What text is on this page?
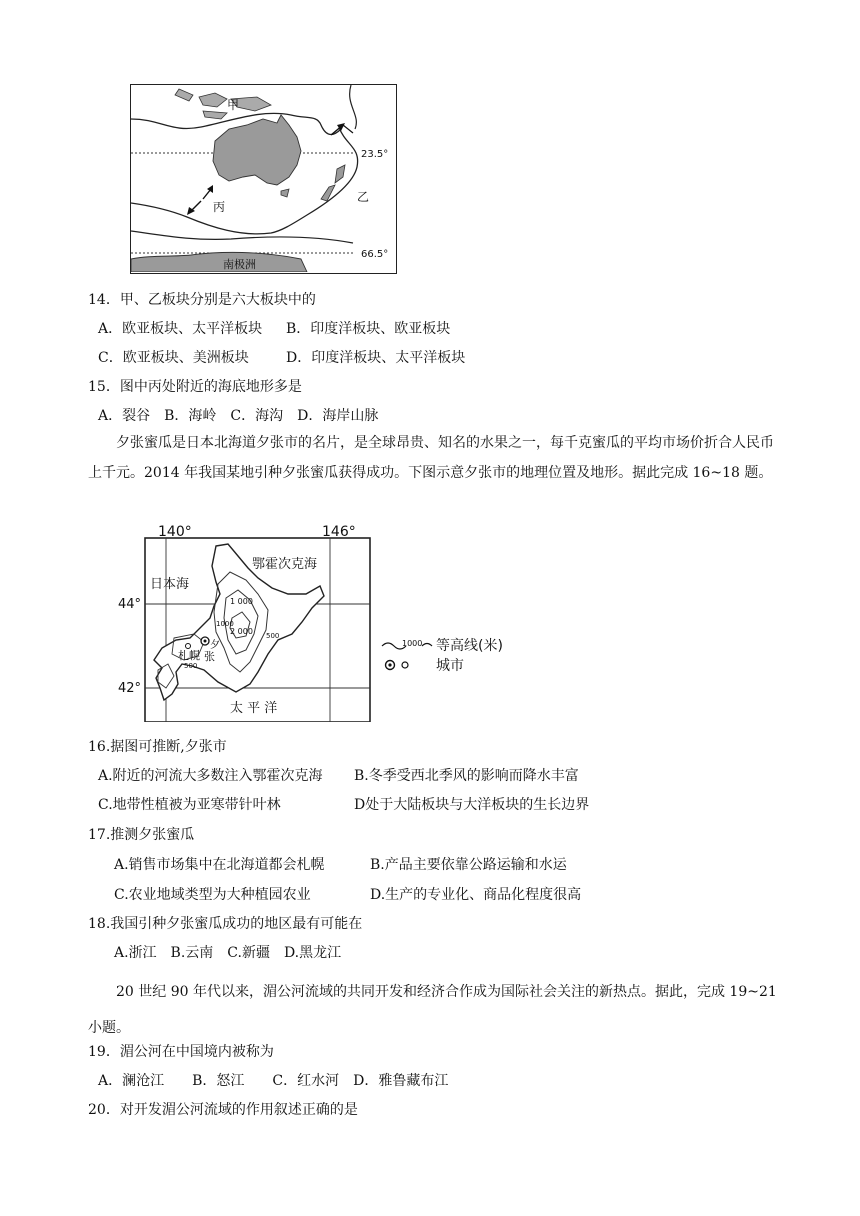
甲
乙
丙
23.5°
66.5°
南极洲
14．甲、乙板块分别是六大板块中的
A．欧亚板块、太平洋板块 B．印度洋板块、欧亚板块
C．欧亚板块、美洲板块	D．印度洋板块、太平洋板块
15．图中丙处附近的海底地形多是
A．裂谷　B．海岭　C．海沟　D．海岸山脉
夕张蜜瓜是日本北海道夕张市的名片，是全球昂贵、知名的水果之一，每千克蜜瓜的平均市场价折合人民币上千元。2014 年我国某地引种夕张蜜瓜获得成功。下图示意夕张市的地理位置及地形。据此完成 16~18 题。
140°	146°
44°
42°
鄂霍次克海
日本海
太 平 洋
1 000
2 000 500
500
1000
札幌
夕
张
1000 等高线(米)
城市
16.据图可推断,夕张市
A.附近的河流大多数注入鄂霍次克海 B.冬季受西北季风的影响而降水丰富
C.地带性植被为亚寒带针叶林	D处于大陆板块与大洋板块的生长边界
17.推测夕张蜜瓜
A.销售市场集中在北海道都会札幌	B.产品主要依靠公路运输和水运
C.农业地域类型为大种植园农业	D.生产的专业化、商品化程度很高
18.我国引种夕张蜜瓜成功的地区最有可能在
A.浙江　B.云南　C.新疆　D.黑龙江
20 世纪 90 年代以来，湄公河流域的共同开发和经济合作成为国际社会关注的新热点。据此，完成 19~21 小题。
19．湄公河在中国境内被称为
A．澜沧江　　B．怒江　　C．红水河　D．雅鲁藏布江
20．对开发湄公河流域的作用叙述正确的是
